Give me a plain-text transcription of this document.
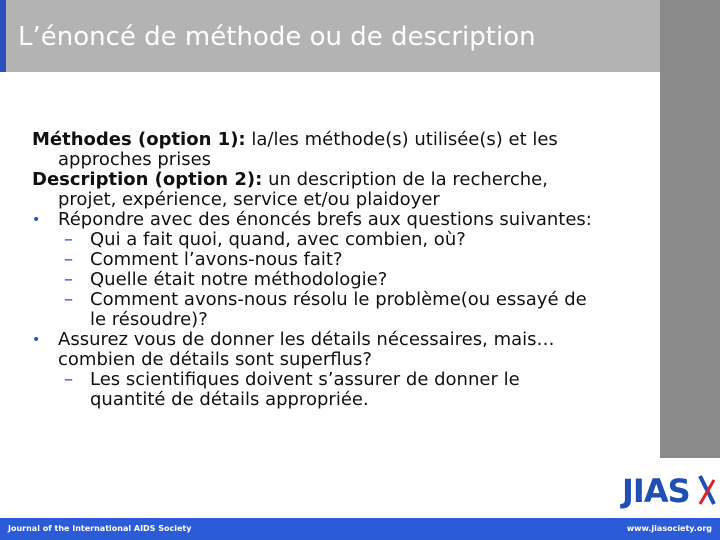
L’énoncé de méthode ou de description

Méthodes (option 1): la/les méthode(s) utilisée(s) et les approches prises

Description (option 2): un description de la recherche, projet, expérience, service et/ou plaidoyer

• Répondre avec des énoncés brefs aux questions suivantes:

– Qui a fait quoi, quand, avec combien, où?

– Comment l’avons-nous fait?

– Quelle était notre méthodologie?

– Comment avons-nous résolu le problème(ou essayé de le résoudre)?

• Assurez vous de donner les détails nécessaires, mais… combien de détails sont superflus?

– Les scientifiques doivent s’assurer de donner le quantité de détails appropriée.

JIAS
Journal of the International AIDS Society	www.jiasociety.org
